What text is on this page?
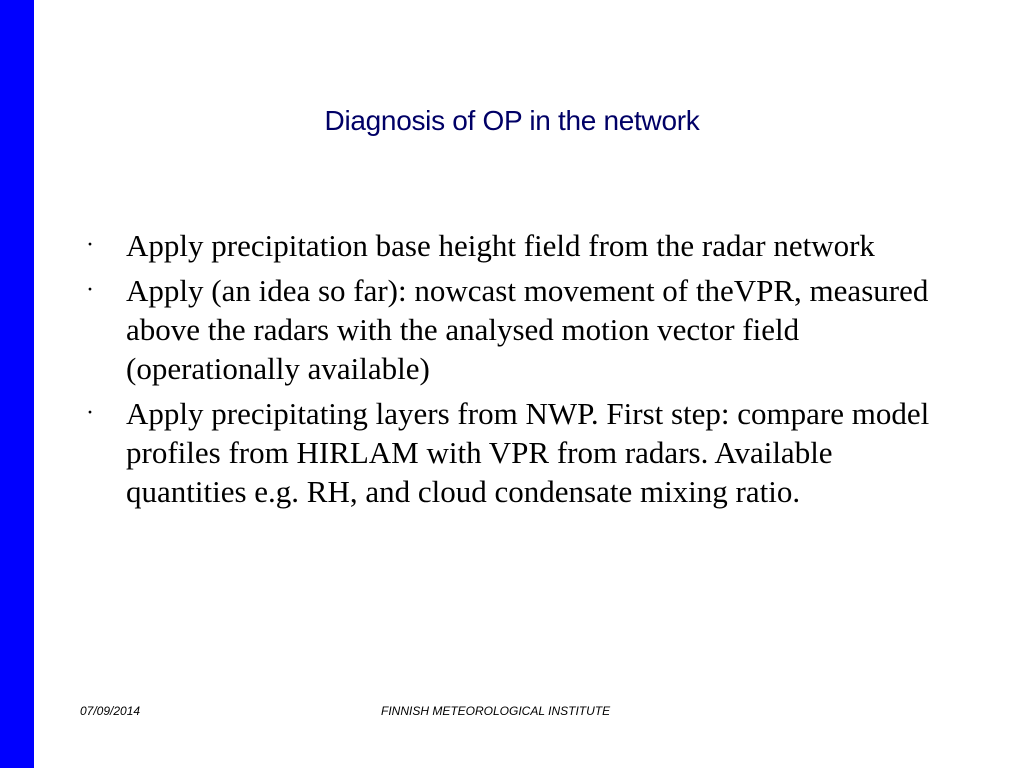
Diagnosis of OP in the network
· Apply precipitation base height field from the radar network
· Apply (an idea so far): nowcast movement of theVPR, measured above the radars with the analysed motion vector field (operationally available)
· Apply precipitating layers from NWP. First step: compare model profiles from HIRLAM with VPR from radars. Available quantities e.g. RH, and cloud condensate mixing ratio.
07/09/2014	FINNISH METEOROLOGICAL INSTITUTE
